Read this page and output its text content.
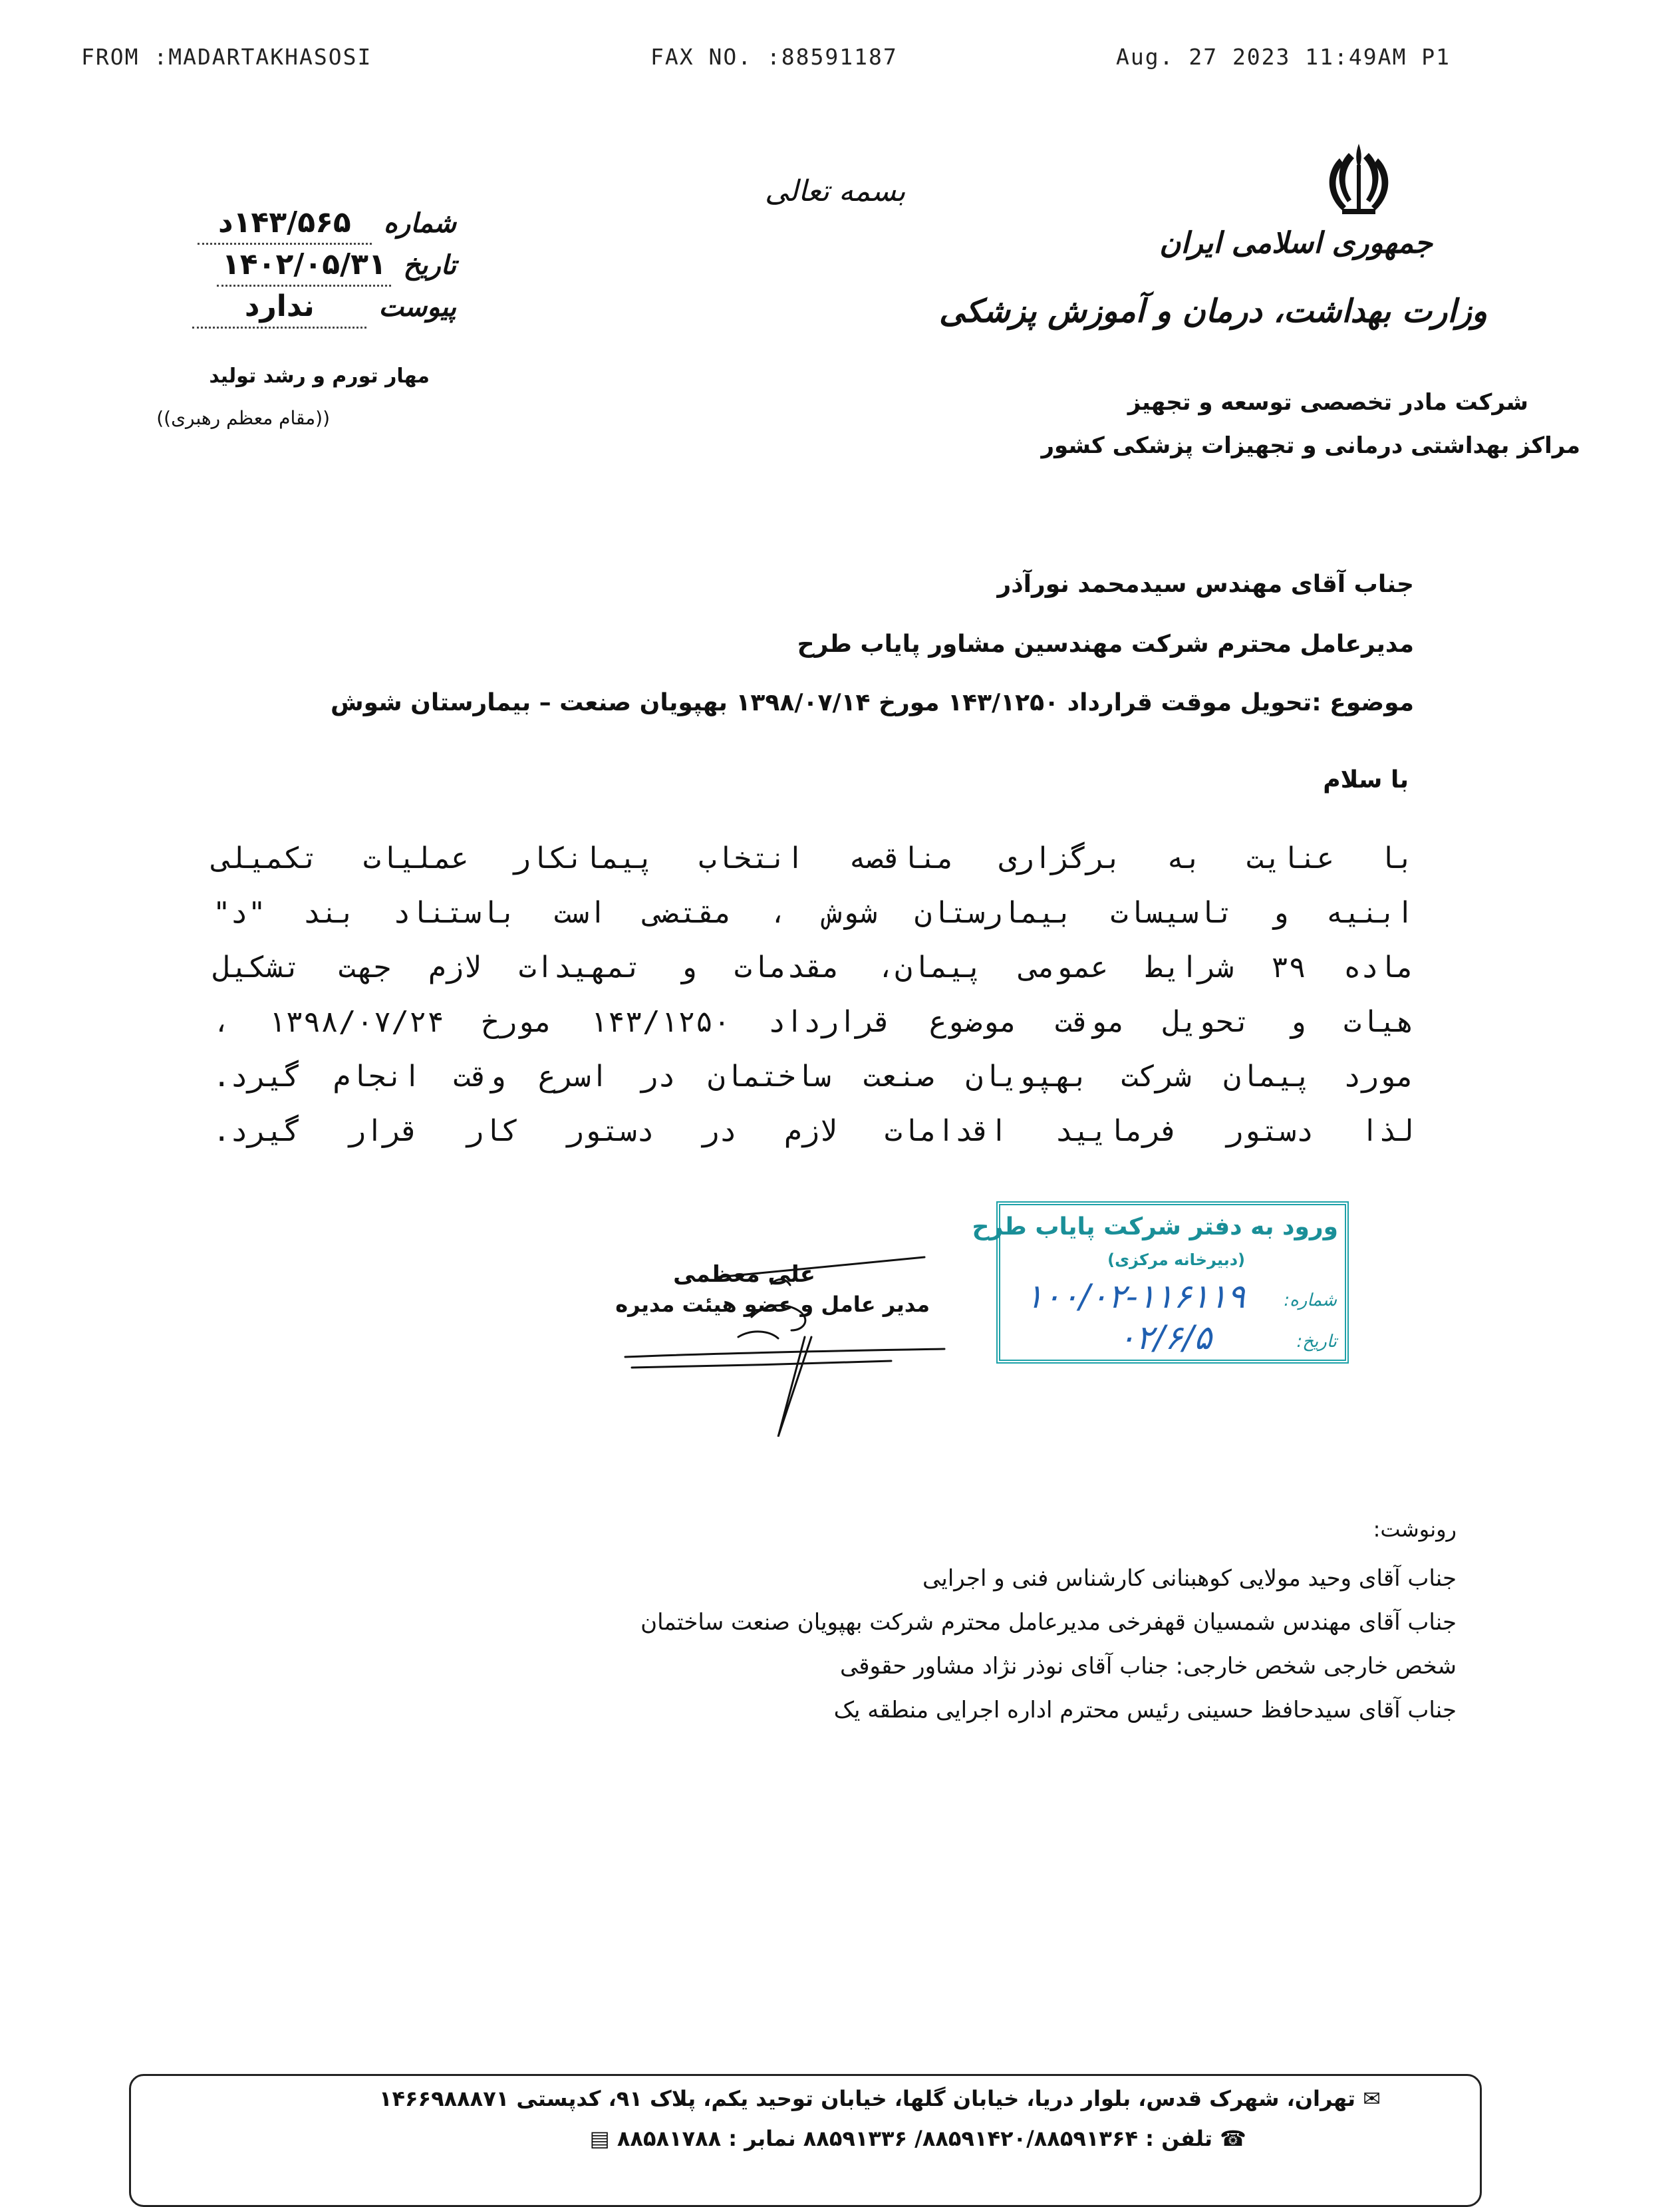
FROM :MADARTAKHASOSI	FAX NO. :88591187	Aug. 27 2023 11:49AM P1
بسمه تعالی
شماره
۱۴۳/۵۶۵د
تاریخ
۱۴۰۲/۰۵/۳۱
پیوست
ندارد
مهار تورم و رشد تولید
((مقام معظم رهبری))
جمهوری اسلامی ایران
وزارت بهداشت، درمان و آموزش پزشکی
شرکت مادر تخصصی توسعه و تجهیز
مراکز بهداشتی درمانی و تجهیزات پزشکی کشور
جناب آقای مهندس سیدمحمد نورآذر
مدیرعامل محترم شرکت مهندسین مشاور پایاب طرح
موضوع :تحویل موقت قرارداد ۱۴۳/۱۲۵۰ مورخ ۱۳۹۸/۰۷/۱۴ بهپویان صنعت – بیمارستان شوش
با سلام
با عنایت به برگزاری مناقصه انتخاب پیمانکار عملیات تکمیلی
ابنیه و تاسیسات بیمارستان شوش ، مقتضی است باستناد بند "د"
ماده ۳۹ شرایط عمومی پیمان، مقدمات و تمهیدات لازم جهت تشکیل
هیات و تحویل موقت موضوع قرارداد ۱۴۳/۱۲۵۰ مورخ ۱۳۹۸/۰۷/۲۴ ،
مورد پیمان شرکت بهپویان صنعت ساختمان در اسرع وقت انجام گیرد.
لذا دستور فرمایید اقدامات لازم در دستور کار قرار گیرد.
علی معظمی
مدیر عامل و عضو هیئت مدیره
ورود به دفتر شرکت پایاب طرح
(دبیرخانه مرکزی)
شماره:
۱۰۰/۰۲-۱۱۶۱۱۹
تاریخ:
۰۲/۶/۵
رونوشت:
جناب آقای وحید مولایی کوهبنانی کارشناس فنی و اجرایی
جناب آقای مهندس شمسیان قهفرخی مدیرعامل محترم شرکت بهپویان صنعت ساختمان
شخص خارجی شخص خارجی: جناب آقای نوذر نژاد مشاور حقوقی
جناب آقای سیدحافظ حسینی رئیس محترم اداره اجرایی منطقه یک
✉ تهران، شهرک قدس، بلوار دریا، خیابان گلها، خیابان توحید یکم، پلاک ۹۱، کدپستی ۱۴۶۶۹۸۸۸۷۱
☎ تلفن : ۸۸۵۹۱۴۲۰/۸۸۵۹۱۳۶۴/ ۸۸۵۹۱۳۳۶ نمابر : ۸۸۵۸۱۷۸۸ ▤
